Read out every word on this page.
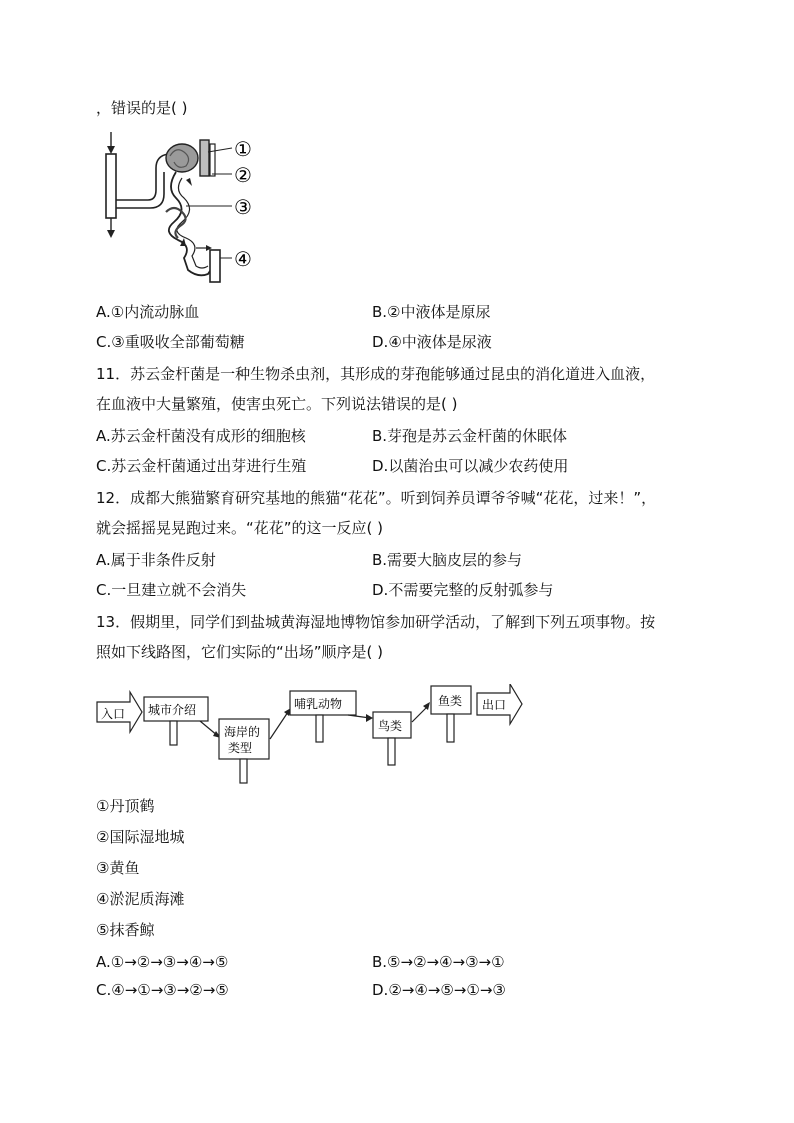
，错误的是( )
①
②
③
④
A.①内流动脉血	B.②中液体是原尿
C.③重吸收全部葡萄糖	D.④中液体是尿液
11．苏云金杆菌是一种生物杀虫剂，其形成的芽孢能够通过昆虫的消化道进入血液，
在血液中大量繁殖，使害虫死亡。下列说法错误的是( )
A.苏云金杆菌没有成形的细胞核	B.芽孢是苏云金杆菌的休眠体
C.苏云金杆菌通过出芽进行生殖	D.以菌治虫可以减少农药使用
12．成都大熊猫繁育研究基地的熊猫“花花”。听到饲养员谭爷爷喊“花花，过来！”，
就会摇摇晃晃跑过来。“花花”的这一反应( )
A.属于非条件反射	B.需要大脑皮层的参与
C.一旦建立就不会消失	D.不需要完整的反射弧参与
13．假期里，同学们到盐城黄海湿地博物馆参加研学活动，了解到下列五项事物。按
照如下线路图，它们实际的“出场”顺序是( )
入口 城市介绍
海岸的
类型
哺乳动物
鸟类
鱼类 出口
①丹顶鹤
②国际湿地城
③黄鱼
④淤泥质海滩
⑤抹香鲸
A.①→②→③→④→⑤	B.⑤→②→④→③→①
C.④→①→③→②→⑤	D.②→④→⑤→①→③
